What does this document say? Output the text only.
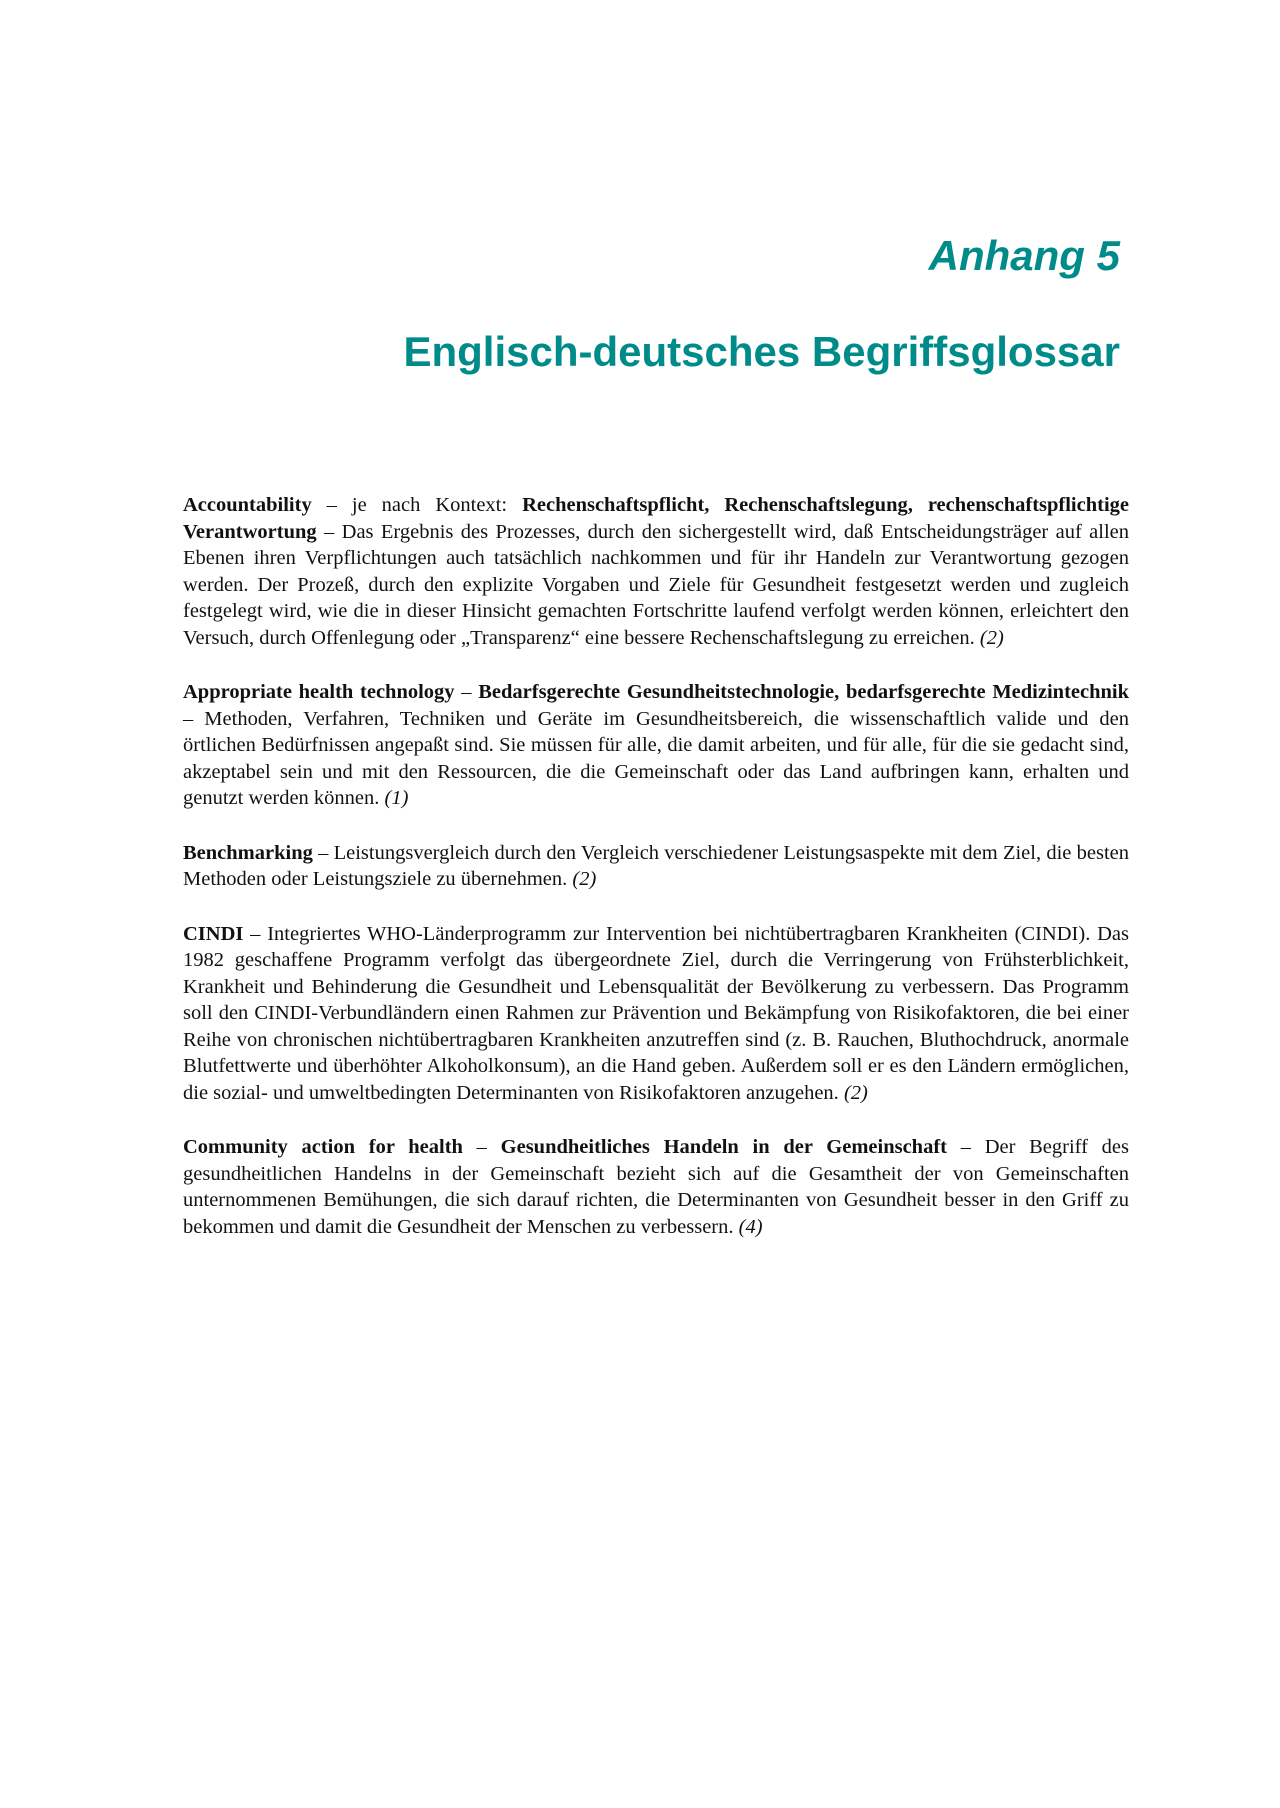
Anhang 5

Englisch-deutsches Begriffsglossar

Accountability – je nach Kontext: Rechenschaftspflicht, Rechenschaftslegung, rechenschaftspflichtige Verantwortung – Das Ergebnis des Prozesses, durch den sichergestellt wird, daß Entscheidungsträger auf allen Ebenen ihren Verpflichtungen auch tatsächlich nachkommen und für ihr Handeln zur Verantwortung gezogen werden. Der Prozeß, durch den explizite Vorgaben und Ziele für Gesundheit festgesetzt werden und zugleich festgelegt wird, wie die in dieser Hinsicht gemachten Fortschritte laufend verfolgt werden können, erleichtert den Versuch, durch Offenlegung oder „Transparenz“ eine bessere Rechenschaftslegung zu erreichen. (2)

Appropriate health technology – Bedarfsgerechte Gesundheitstechnologie, bedarfsgerechte Medizintechnik – Methoden, Verfahren, Techniken und Geräte im Gesundheitsbereich, die wissenschaftlich valide und den örtlichen Bedürfnissen angepaßt sind. Sie müssen für alle, die damit arbeiten, und für alle, für die sie gedacht sind, akzeptabel sein und mit den Ressourcen, die die Gemeinschaft oder das Land aufbringen kann, erhalten und genutzt werden können. (1)

Benchmarking – Leistungsvergleich durch den Vergleich verschiedener Leistungsaspekte mit dem Ziel, die besten Methoden oder Leistungsziele zu übernehmen. (2)

CINDI – Integriertes WHO-Länderprogramm zur Intervention bei nichtübertragbaren Krankheiten (CINDI). Das 1982 geschaffene Programm verfolgt das übergeordnete Ziel, durch die Verringerung von Frühsterblichkeit, Krankheit und Behinderung die Gesundheit und Lebensqualität der Bevölkerung zu verbessern. Das Programm soll den CINDI-Verbundländern einen Rahmen zur Prävention und Bekämpfung von Risikofaktoren, die bei einer Reihe von chronischen nichtübertragbaren Krankheiten anzutreffen sind (z. B. Rauchen, Bluthochdruck, anormale Blutfettwerte und überhöhter Alkoholkonsum), an die Hand geben. Außerdem soll er es den Ländern ermöglichen, die sozial- und umweltbedingten Determinanten von Risikofaktoren anzugehen. (2)

Community action for health – Gesundheitliches Handeln in der Gemeinschaft – Der Begriff des gesundheitlichen Handelns in der Gemeinschaft bezieht sich auf die Gesamtheit der von Gemeinschaften unternommenen Bemühungen, die sich darauf richten, die Determinanten von Gesundheit besser in den Griff zu bekommen und damit die Gesundheit der Menschen zu verbessern. (4)
